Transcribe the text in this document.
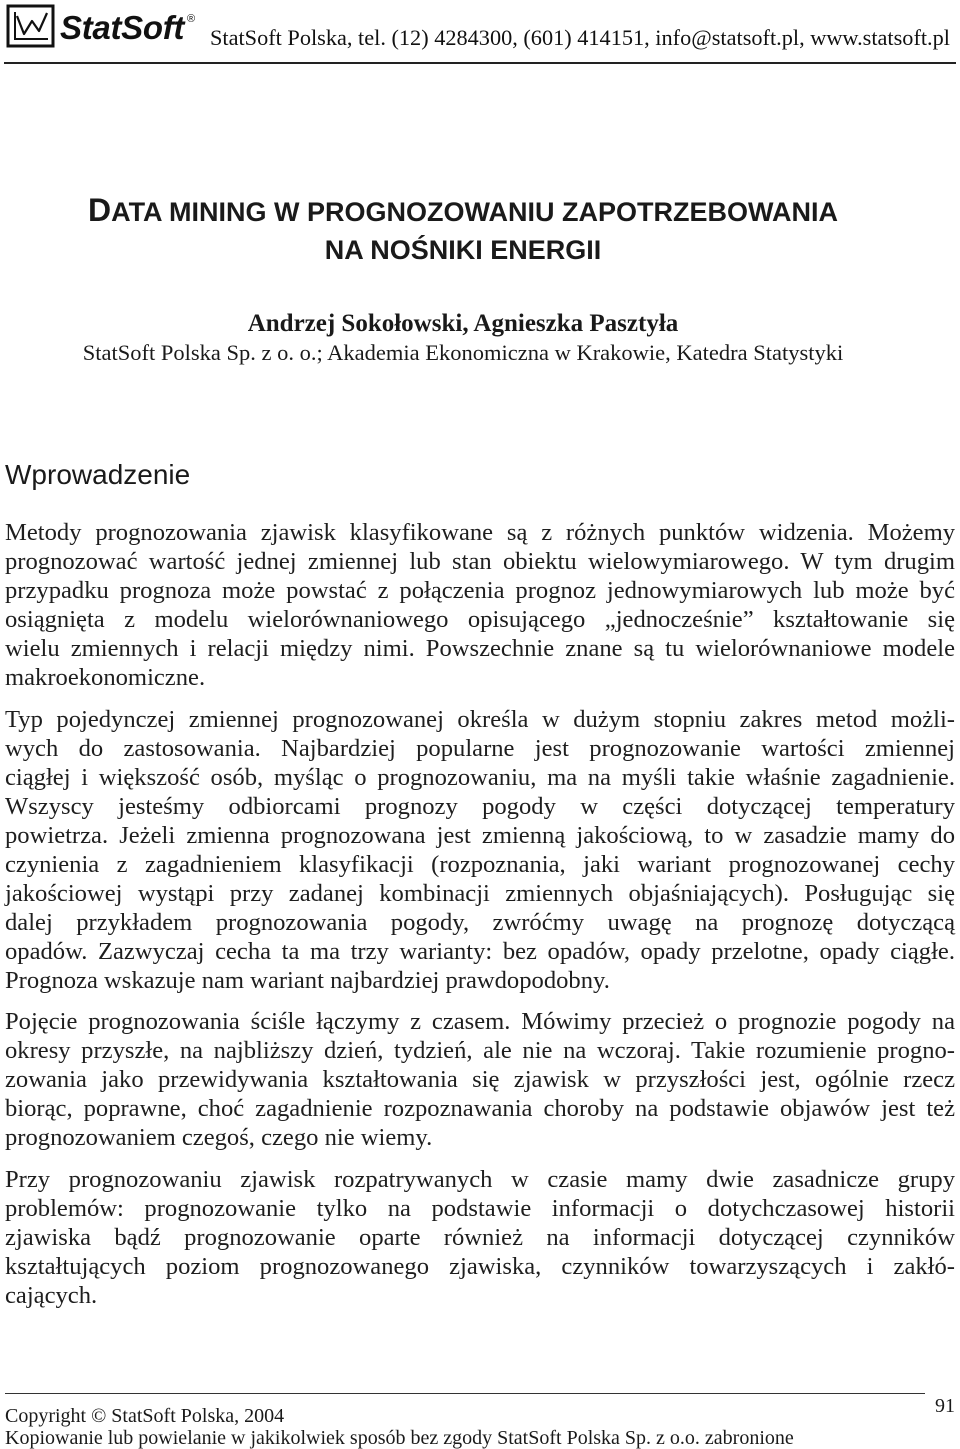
StatSoft ®
StatSoft Polska, tel. (12) 4284300, (601) 414151, info@statsoft.pl, www.statsoft.pl
DATA MINING W PROGNOZOWANIU ZAPOTRZEBOWANIA
NA NOŚNIKI ENERGII
Andrzej Sokołowski, Agnieszka Pasztyła
StatSoft Polska Sp. z o. o.; Akademia Ekonomiczna w Krakowie, Katedra Statystyki
Wprowadzenie
Metody prognozowania zjawisk klasyfikowane są z różnych punktów widzenia. Możemy
prognozować wartość jednej zmiennej lub stan obiektu wielowymiarowego. W tym drugim
przypadku prognoza może powstać z połączenia prognoz jednowymiarowych lub może być
osiągnięta z modelu wielorównaniowego opisującego „jednocześnie” kształtowanie się
wielu zmiennych i relacji między nimi. Powszechnie znane są tu wielorównaniowe modele
makroekonomiczne.
Typ pojedynczej zmiennej prognozowanej określa w dużym stopniu zakres metod możli-
wych do zastosowania. Najbardziej popularne jest prognozowanie wartości zmiennej
ciągłej i większość osób, myśląc o prognozowaniu, ma na myśli takie właśnie zagadnienie.
Wszyscy jesteśmy odbiorcami prognozy pogody w części dotyczącej temperatury
powietrza. Jeżeli zmienna prognozowana jest zmienną jakościową, to w zasadzie mamy do
czynienia z zagadnieniem klasyfikacji (rozpoznania, jaki wariant prognozowanej cechy
jakościowej wystąpi przy zadanej kombinacji zmiennych objaśniających). Posługując się
dalej przykładem prognozowania pogody, zwróćmy uwagę na prognozę dotyczącą
opadów. Zazwyczaj cecha ta ma trzy warianty: bez opadów, opady przelotne, opady ciągłe.
Prognoza wskazuje nam wariant najbardziej prawdopodobny.
Pojęcie prognozowania ściśle łączymy z czasem. Mówimy przecież o prognozie pogody na
okresy przyszłe, na najbliższy dzień, tydzień, ale nie na wczoraj. Takie rozumienie progno-
zowania jako przewidywania kształtowania się zjawisk w przyszłości jest, ogólnie rzecz
biorąc, poprawne, choć zagadnienie rozpoznawania choroby na podstawie objawów jest też
prognozowaniem czegoś, czego nie wiemy.
Przy prognozowaniu zjawisk rozpatrywanych w czasie mamy dwie zasadnicze grupy
problemów: prognozowanie tylko na podstawie informacji o dotychczasowej historii
zjawiska bądź prognozowanie oparte również na informacji dotyczącej czynników
kształtujących poziom prognozowanego zjawiska, czynników towarzyszących i zakłó-
cających.
91
Copyright © StatSoft Polska, 2004
Kopiowanie lub powielanie w jakikolwiek sposób bez zgody StatSoft Polska Sp. z o.o. zabronione
